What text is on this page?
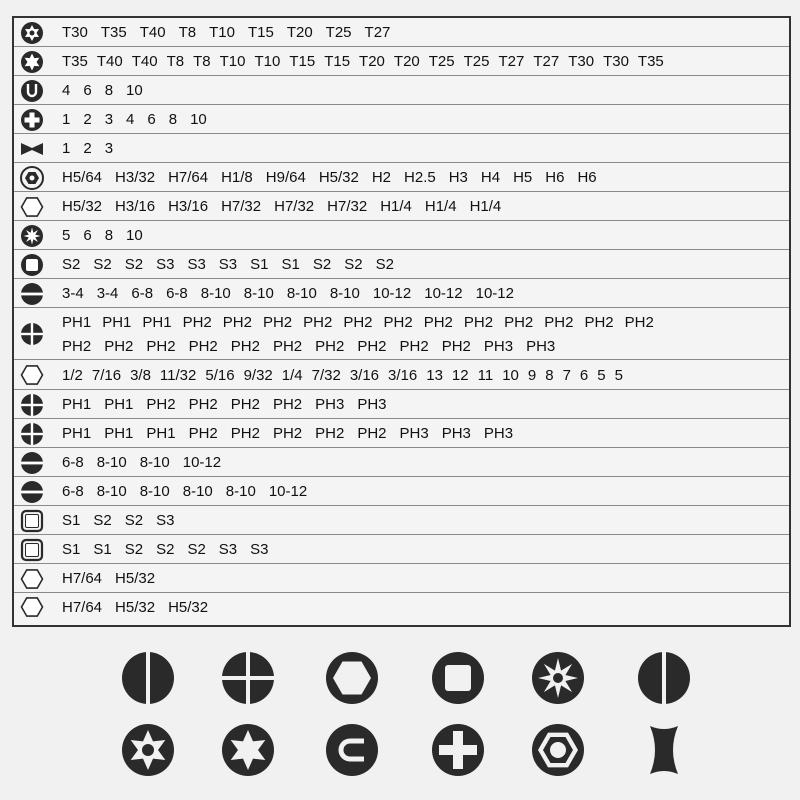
T30 T35 T40 T8 T10 T15 T20 T25 T27
T35 T40 T40 T8 T8 T10 T10 T15 T15 T20 T20 T25 T25 T27 T27 T30 T30 T35
4 6 8 10
1 2 3 4 6 8 10
1 2 3
H5/64 H3/32 H7/64 H1/8 H9/64 H5/32 H2 H2.5 H3 H4 H5 H6 H6
H5/32 H3/16 H3/16 H7/32 H7/32 H7/32 H1/4 H1/4 H1/4
5 6 8 10
S2 S2 S2 S3 S3 S3 S1 S1 S2 S2 S2
3-4 3-4 6-8 6-8 8-10 8-10 8-10 8-10 10-12 10-12 10-12
PH1 PH1 PH1 PH2 PH2 PH2 PH2 PH2 PH2 PH2 PH2 PH2 PH2 PH2 PH2
PH2 PH2 PH2 PH2 PH2 PH2 PH2 PH2 PH2 PH2 PH3 PH3
1/2 7/16 3/8 11/32 5/16 9/32 1/4 7/32 3/16 3/16 13 12 11 10 9 8 7 6 5 5
PH1 PH1 PH2 PH2 PH2 PH2 PH3 PH3
PH1 PH1 PH1 PH2 PH2 PH2 PH2 PH2 PH3 PH3 PH3
6-8 8-10 8-10 10-12
6-8 8-10 8-10 8-10 8-10 10-12
S1 S2 S2 S3
S1 S1 S2 S2 S2 S3 S3
H7/64 H5/32
H7/64 H5/32 H5/32
